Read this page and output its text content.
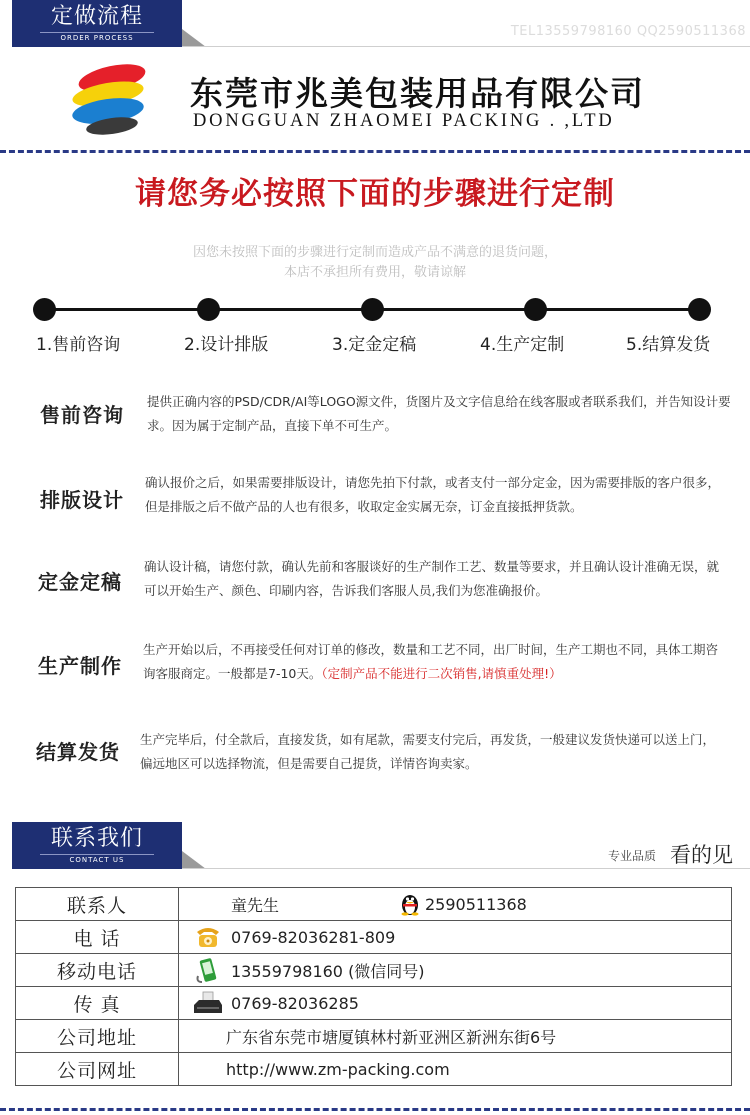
定做流程
ORDER PROCESS	TEL13559798160 QQ2590511368
东莞市兆美包装用品有限公司
DONGGUAN ZHAOMEI PACKING . ,LTD
请您务必按照下面的步骤进行定制
因您未按照下面的步骤进行定制而造成产品不满意的退货问题，
本店不承担所有费用，敬请谅解
1.售前咨询	2.设计排版	3.定金定稿	4.生产定制	5.结算发货
售前咨询
提供正确内容的PSD/CDR/AI等LOGO源文件，货图片及文字信息给在线客服或者联系我们，并告知设计要求。因为属于定制产品，直接下单不可生产。
排版设计
确认报价之后，如果需要排版设计，请您先拍下付款，或者支付一部分定金，因为需要排版的客户很多，但是排版之后不做产品的人也有很多，收取定金实属无奈，订金直接抵押货款。
定金定稿
确认设计稿，请您付款，确认先前和客服谈好的生产制作工艺、数量等要求，并且确认设计准确无误，就可以开始生产、颜色、印刷内容，告诉我们客服人员,我们为您准确报价。
生产制作
生产开始以后，不再接受任何对订单的修改，数量和工艺不同，出厂时间，生产工期也不同，具体工期咨询客服商定。一般都是7-10天。（定制产品不能进行二次销售,请慎重处理!）
结算发货
生产完毕后，付全款后，直接发货，如有尾款，需要支付完后，再发货，一般建议发货快递可以送上门，偏远地区可以选择物流，但是需要自己提货，详情咨询卖家。
联系我们
CONTACT US	专业品质 看的见
联系人	童先生 2590511368

电 话	0769-82036281-809

移动电话	13559798160 (微信同号)

传 真	0769-82036285

公司地址	广东省东莞市塘厦镇林村新亚洲区新洲东街6号

公司网址	http://www.zm-packing.com
